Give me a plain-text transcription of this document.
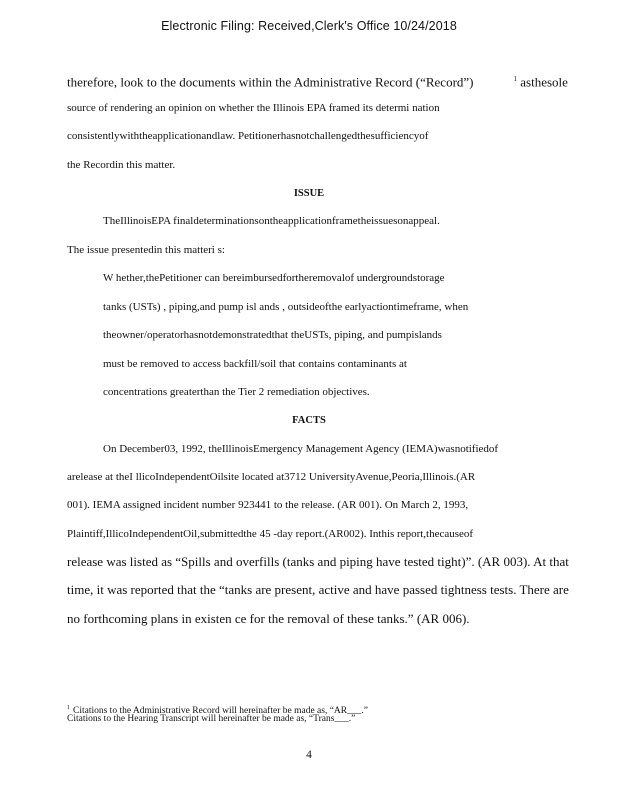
Electronic Filing: Received,Clerk's Office 10/24/2018
therefore, look to the documents within the Administrative Record (“Record”)	$^1$ asthesole
source of rendering an opinion on whether the Illinois EPA framed its determi nation
consistentlywiththeapplicationandlaw. Petitionerhasnotchallengedthesufficiencyof
the Recordin this matter.
ISSUE
TheIllinoisEPA finaldeterminationsontheapplicationframetheissuesonappeal.
The issue presentedin this matteri s:
W hether,thePetitioner can bereimbursedfortheremovalof undergroundstorage
tanks (USTs) , piping,and pump isl ands , outsideofthe earlyactiontimeframe, when
theowner/operatorhasnotdemonstratedthat theUSTs, piping, and pumpislands
must be removed to access backfill/soil that contains contaminants at
concentrations greaterthan the Tier 2 remediation objectives.
FACTS
On December03, 1992, theIllinoisEmergency Management Agency (IEMA)wasnotifiedof
arelease at theI llicoIndependentOilsite located at3712 UniversityAvenue,Peoria,Illinois.(AR
001). IEMA assigned incident number 923441 to the release. (AR 001). On March 2, 1993,
Plaintiff,IllicoIndependentOil,submittedthe 45 -day report.(AR002). Inthis report,thecauseof
release was listed as “Spills and overfills (tanks and piping have tested tight)”. (AR 003). At that
time, it was reported that the “tanks are present, active and have passed tightness tests. There are
no forthcoming plans in existen ce for the removal of these tanks.” (AR 006).
$^1$ Citations to the Administrative Record will hereinafter be made as, “AR___.”
Citations to the Hearing Transcript will hereinafter be made as, “Trans___.”
4
